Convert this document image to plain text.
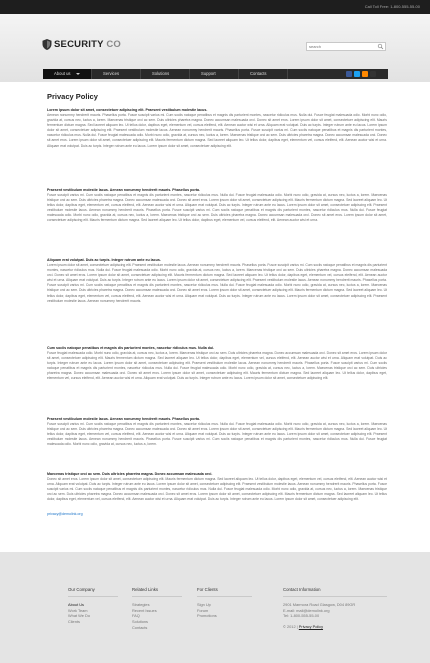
Call Toll Free: 1-800-555-55-00
SECURITY CO
search
About us	Services	Solutions	Support	Contacts
Privacy Policy
Lorem ipsum dolor sit amet, consectetuer adipiscing elit. Praesent vestibulum molestie lacus.
Aenean nonummy hendrerit mauris. Phasellus porta. Fusce suscipit varius mi. Cum sociis natoque penatibus et magnis dis parturient montes, nascetur ridiculus mus. Nulla dui. Fusce feugiat malesuada odio. Morbi nunc odio, gravida at, cursus nec, luctus a, lorem. Maecenas tristique orci ac sem. Duis ultricies pharetra magna. Donec accumsan malesuada orci. Donec sit amet eros. Lorem ipsum dolor sit amet, consectetuer adipiscing elit. Mauris fermentum dictum magna. Sed laoreet aliquam leo. Ut tellus dolor, dapibus eget, elementum vel, cursus eleifend, elit. Aenean auctor wisi et urna. Aliquam erat volutpat. Duis ac turpis. Integer rutrum ante eu lacus. Lorem ipsum dolor sit amet, consectetuer adipiscing elit. Praesent vestibulum molestie lacus. Aenean nonummy hendrerit mauris. Phasellus porta. Fusce suscipit varius mi. Cum sociis natoque penatibus et magnis dis parturient montes, nascetur ridiculus mus. Nulla dui. Fusce feugiat malesuada odio. Morbi nunc odio, gravida at, cursus nec, luctus a, lorem. Maecenas tristique orci ac sem. Duis ultricies pharetra magna. Donec accumsan malesuada orci. Donec sit amet eros. Lorem ipsum dolor sit amet, consectetuer adipiscing elit. Mauris fermentum dictum magna. Sed laoreet aliquam leo. Ut tellus dolor, dapibus eget, elementum vel, cursus eleifend, elit. Aenean auctor wisi et urna. Aliquam erat volutpat. Duis ac turpis. Integer rutrum ante eu lacus. Lorem ipsum dolor sit amet, consectetuer adipiscing elit.
Praesent vestibulum molestie lacus. Aenean nonummy hendrerit mauris. Phasellus porta.
Fusce suscipit varius mi. Cum sociis natoque penatibus et magnis dis parturient montes, nascetur ridiculus mus. Nulla dui. Fusce feugiat malesuada odio. Morbi nunc odio, gravida at, cursus nec, luctus a, lorem. Maecenas tristique orci ac sem. Duis ultricies pharetra magna. Donec accumsan malesuada orci. Donec sit amet eros. Lorem ipsum dolor sit amet, consectetuer adipiscing elit. Mauris fermentum dictum magna. Sed laoreet aliquam leo. Ut tellus dolor, dapibus eget, elementum vel, cursus eleifend, elit. Aenean auctor wisi et urna. Aliquam erat volutpat. Duis ac turpis. Integer rutrum ante eu lacus. Lorem ipsum dolor sit amet, consectetuer adipiscing elit. Praesent vestibulum molestie lacus. Aenean nonummy hendrerit mauris. Phasellus porta. Fusce suscipit varius mi. Cum sociis natoque penatibus et magnis dis parturient montes, nascetur ridiculus mus. Nulla dui. Fusce feugiat malesuada odio. Morbi nunc odio, gravida at, cursus nec, luctus a, lorem. Maecenas tristique orci ac sem. Duis ultricies pharetra magna. Donec accumsan malesuada orci. Donec sit amet eros. Lorem ipsum dolor sit amet, consectetuer adipiscing elit. Mauris fermentum dictum magna. Sed laoreet aliquam leo. Ut tellus dolor, dapibus eget, elementum vel, cursus eleifend, elit. Aenean auctor wisi et urna.
Aliquam erat volutpat. Duis ac turpis. Integer rutrum ante eu lacus.
Lorem ipsum dolor sit amet, consectetuer adipiscing elit. Praesent vestibulum molestie lacus. Aenean nonummy hendrerit mauris. Phasellus porta. Fusce suscipit varius mi. Cum sociis natoque penatibus et magnis dis parturient montes, nascetur ridiculus mus. Nulla dui. Fusce feugiat malesuada odio. Morbi nunc odio, gravida at, cursus nec, luctus a, lorem. Maecenas tristique orci ac sem. Duis ultricies pharetra magna. Donec accumsan malesuada orci. Donec sit amet eros. Lorem ipsum dolor sit amet, consectetuer adipiscing elit. Mauris fermentum dictum magna. Sed laoreet aliquam leo. Ut tellus dolor, dapibus eget, elementum vel, cursus eleifend, elit. Aenean auctor wisi et urna. Aliquam erat volutpat. Duis ac turpis. Integer rutrum ante eu lacus. Lorem ipsum dolor sit amet, consectetuer adipiscing elit. Praesent vestibulum molestie lacus. Aenean nonummy hendrerit mauris. Phasellus porta. Fusce suscipit varius mi. Cum sociis natoque penatibus et magnis dis parturient montes, nascetur ridiculus mus. Nulla dui. Fusce feugiat malesuada odio. Morbi nunc odio, gravida at, cursus nec, luctus a, lorem. Maecenas tristique orci ac sem. Duis ultricies pharetra magna. Donec accumsan malesuada orci. Donec sit amet eros. Lorem ipsum dolor sit amet, consectetuer adipiscing elit. Mauris fermentum dictum magna. Sed laoreet aliquam leo. Ut tellus dolor, dapibus eget, elementum vel, cursus eleifend, elit. Aenean auctor wisi et urna. Aliquam erat volutpat. Duis ac turpis. Integer rutrum ante eu lacus. Lorem ipsum dolor sit amet, consectetuer adipiscing elit. Praesent vestibulum molestie lacus. Aenean nonummy hendrerit mauris.
Cum sociis natoque penatibus et magnis dis parturient montes, nascetur ridiculus mus. Nulla dui.
Fusce feugiat malesuada odio. Morbi nunc odio, gravida at, cursus nec, luctus a, lorem. Maecenas tristique orci ac sem. Duis ultricies pharetra magna. Donec accumsan malesuada orci. Donec sit amet eros. Lorem ipsum dolor sit amet, consectetuer adipiscing elit. Mauris fermentum dictum magna. Sed laoreet aliquam leo. Ut tellus dolor, dapibus eget, elementum vel, cursus eleifend, elit. Aenean auctor wisi et urna. Aliquam erat volutpat. Duis ac turpis. Integer rutrum ante eu lacus. Lorem ipsum dolor sit amet, consectetuer adipiscing elit. Praesent vestibulum molestie lacus. Aenean nonummy hendrerit mauris. Phasellus porta. Fusce suscipit varius mi. Cum sociis natoque penatibus et magnis dis parturient montes, nascetur ridiculus mus. Nulla dui. Fusce feugiat malesuada odio. Morbi nunc odio, gravida at, cursus nec, luctus a, lorem. Maecenas tristique orci ac sem. Duis ultricies pharetra magna. Donec accumsan malesuada orci. Donec sit amet eros. Lorem ipsum dolor sit amet, consectetuer adipiscing elit. Mauris fermentum dictum magna. Sed laoreet aliquam leo. Ut tellus dolor, dapibus eget, elementum vel, cursus eleifend, elit. Aenean auctor wisi et urna. Aliquam erat volutpat. Duis ac turpis. Integer rutrum ante eu lacus. Lorem ipsum dolor sit amet, consectetuer adipiscing elit.
Praesent vestibulum molestie lacus. Aenean nonummy hendrerit mauris. Phasellus porta.
Fusce suscipit varius mi. Cum sociis natoque penatibus et magnis dis parturient montes, nascetur ridiculus mus. Nulla dui. Fusce feugiat malesuada odio. Morbi nunc odio, gravida at, cursus nec, luctus a, lorem. Maecenas tristique orci ac sem. Duis ultricies pharetra magna. Donec accumsan malesuada orci. Donec sit amet eros. Lorem ipsum dolor sit amet, consectetuer adipiscing elit. Mauris fermentum dictum magna. Sed laoreet aliquam leo. Ut tellus dolor, dapibus eget, elementum vel, cursus eleifend, elit. Aenean auctor wisi et urna. Aliquam erat volutpat. Duis ac turpis. Integer rutrum ante eu lacus. Lorem ipsum dolor sit amet, consectetuer adipiscing elit. Praesent vestibulum molestie lacus. Aenean nonummy hendrerit mauris. Phasellus porta. Fusce suscipit varius mi. Cum sociis natoque penatibus et magnis dis parturient montes, nascetur ridiculus mus. Nulla dui. Fusce feugiat malesuada odio. Morbi nunc odio, gravida at, cursus nec, luctus a, lorem.
Maecenas tristique orci ac sem. Duis ultricies pharetra magna. Donec accumsan malesuada orci.
Donec sit amet eros. Lorem ipsum dolor sit amet, consectetuer adipiscing elit. Mauris fermentum dictum magna. Sed laoreet aliquam leo. Ut tellus dolor, dapibus eget, elementum vel, cursus eleifend, elit. Aenean auctor wisi et urna. Aliquam erat volutpat. Duis ac turpis. Integer rutrum ante eu lacus. Lorem ipsum dolor sit amet, consectetuer adipiscing elit. Praesent vestibulum molestie lacus. Aenean nonummy hendrerit mauris. Phasellus porta. Fusce suscipit varius mi. Cum sociis natoque penatibus et magnis dis parturient montes, nascetur ridiculus mus. Nulla dui. Fusce feugiat malesuada odio. Morbi nunc odio, gravida at, cursus nec, luctus a, lorem. Maecenas tristique orci ac sem. Duis ultricies pharetra magna. Donec accumsan malesuada orci. Donec sit amet eros. Lorem ipsum dolor sit amet, consectetuer adipiscing elit. Mauris fermentum dictum magna. Sed laoreet aliquam leo. Ut tellus dolor, dapibus eget, elementum vel, cursus eleifend, elit. Aenean auctor wisi et urna. Aliquam erat volutpat. Duis ac turpis. Integer rutrum ante eu lacus. Lorem ipsum dolor sit amet, consectetuer adipiscing elit.
privacy@demolink.org
Our Company
About Us
Work Team
What We Do
Clients
Related Links
Strategies
Recent Issues
FAQ
Solutions
Contacts
For Clients
Sign Up
Forum
Promotions
Contact Information
2901 Marmora Road Glasgow, D04 89GR
E-mail: mail@demolink.org
Tel: 1-800-555-55-00
© 2012 | Privacy Policy
